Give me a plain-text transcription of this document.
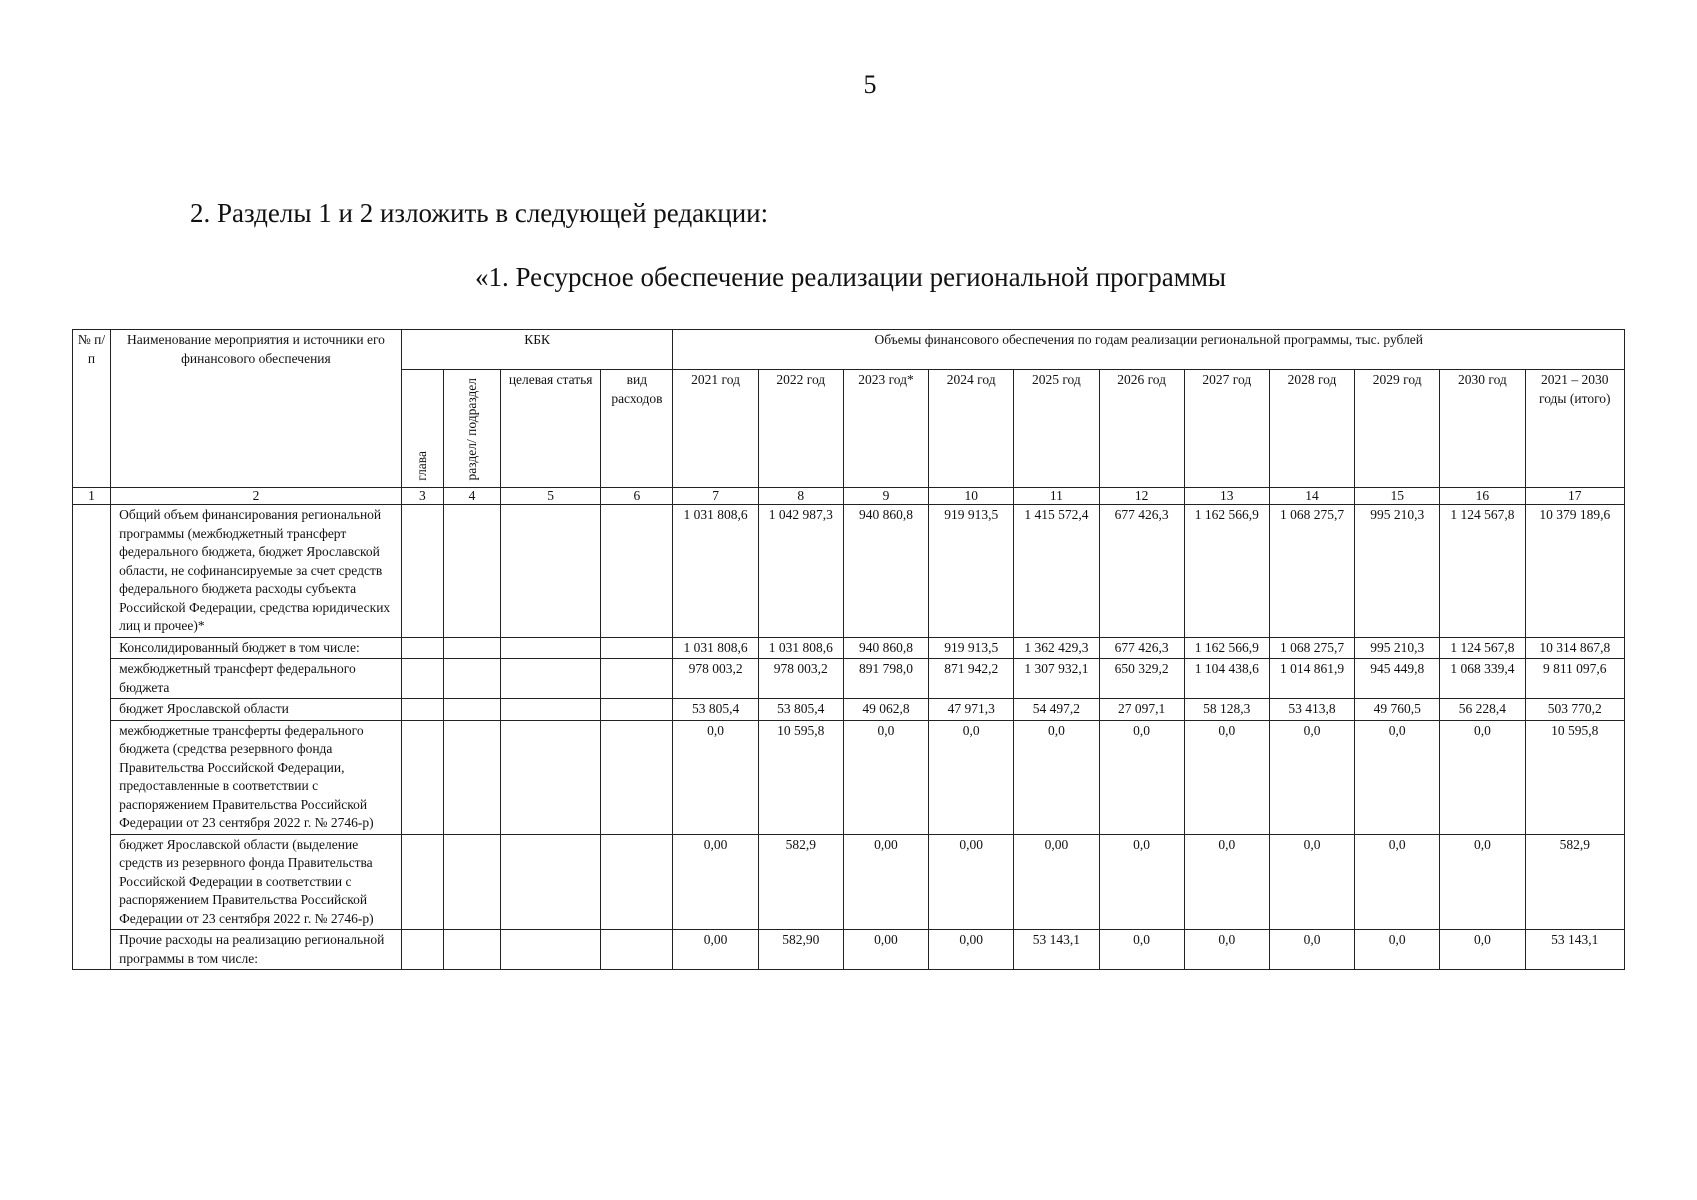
5
2. Разделы 1 и 2 изложить в следующей редакции:
«1. Ресурсное обеспечение реализации региональной программы
№ п/п	Наименование мероприятия и источники его финансового обеспечения	КБК				Объемы финансового обеспечения по годам реализации региональной программы, тыс. рублей										
		глава	раздел/ подраздел	целевая статья	вид расходов	2021 год	2022 год	2023 год*	2024 год	2025 год	2026 год	2027 год	2028 год	2029 год	2030 год	2021 – 2030 годы (итого)
1	2	3	4	5	6	7	8	9	10	11	12	13	14	15	16	17
	Общий объем финансирования региональной программы (межбюджетный трансферт федерального бюджета, бюджет Ярославской области, не софинансируемые за счет средств федерального бюджета расходы субъекта Российской Федерации, средства юридических лиц и прочее)*					1 031 808,6	1 042 987,3	940 860,8	919 913,5	1 415 572,4	677 426,3	1 162 566,9	1 068 275,7	995 210,3	1 124 567,8	10 379 189,6
	Консолидированный бюджет в том числе:					1 031 808,6	1 031 808,6	940 860,8	919 913,5	1 362 429,3	677 426,3	1 162 566,9	1 068 275,7	995 210,3	1 124 567,8	10 314 867,8
	межбюджетный трансферт федерального бюджета					978 003,2	978 003,2	891 798,0	871 942,2	1 307 932,1	650 329,2	1 104 438,6	1 014 861,9	945 449,8	1 068 339,4	9 811 097,6
	бюджет Ярославской области					53 805,4	53 805,4	49 062,8	47 971,3	54 497,2	27 097,1	58 128,3	53 413,8	49 760,5	56 228,4	503 770,2
	межбюджетные трансферты федерального бюджета (средства резервного фонда Правительства Российской Федерации, предоставленные в соответствии с распоряжением Правительства Российской Федерации от 23 сентября 2022 г. № 2746-р)					0,0	10 595,8	0,0	0,0	0,0	0,0	0,0	0,0	0,0	0,0	10 595,8
	бюджет Ярославской области (выделение средств из резервного фонда Правительства Российской Федерации в соответствии с распоряжением Правительства Российской Федерации от 23 сентября 2022 г. № 2746-р)					0,00	582,9	0,00	0,00	0,00	0,0	0,0	0,0	0,0	0,0	582,9
	Прочие расходы на реализацию региональной программы в том числе:					0,00	582,90	0,00	0,00	53 143,1	0,0	0,0	0,0	0,0	0,0	53 143,1
